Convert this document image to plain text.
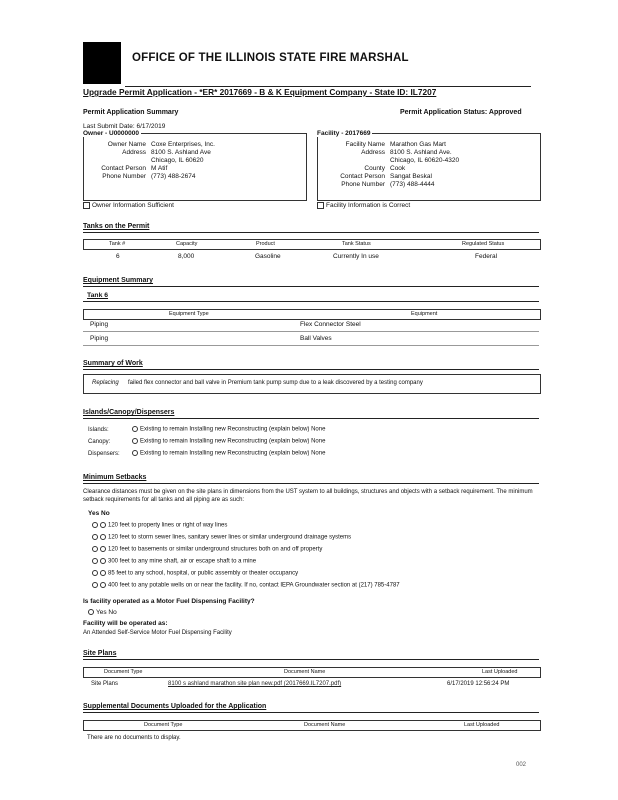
OFFICE OF THE ILLINOIS STATE FIRE MARSHAL
Upgrade Permit Application - *ER* 2017669 - B & K Equipment Company - State ID: IL7207
Permit Application Summary	Permit Application Status: Approved
Last Submit Date: 6/17/2019
Owner - U0000000
Owner Name Coxe Enterprises, Inc.
Address 8100 S. Ashland Ave
Chicago, IL 60620
Contact Person M Atif
Phone Number (773) 488-2674
Owner Information Sufficient
Facility - 2017669
Facility Name Marathon Gas Mart
Address 8100 S. Ashland Ave.
Chicago, IL 60620-4320
County Cook
Contact Person Sangat Beskal
Phone Number (773) 488-4444
Facility Information is Correct
Tanks on the Permit
Tank #	Capacity	Product	Tank Status	Regulated Status
6	8,000	Gasoline	Currently In use	Federal
Equipment Summary
Tank 6
Equipment Type	Equipment
Piping	Flex Connector Steel
Piping	Ball Valves
Summary of Work
Replacing failed flex connector and ball valve in Premium tank pump sump due to a leak discovered by a testing company
Islands/Canopy/Dispensers
Islands:	Existing to remain Installing new Reconstructing (explain below) None
Canopy:	Existing to remain Installing new Reconstructing (explain below) None
Dispensers:	Existing to remain Installing new Reconstructing (explain below) None
Minimum Setbacks
Clearance distances must be given on the site plans in dimensions from the UST system to all buildings, structures and objects with a setback requirement. The minimum setback requirements for all tanks and all piping are as such:
Yes No
120 feet to property lines or right of way lines
120 feet to storm sewer lines, sanitary sewer lines or similar underground drainage systems
120 feet to basements or similar underground structures both on and off property
300 feet to any mine shaft, air or escape shaft to a mine
85 feet to any school, hospital, or public assembly or theater occupancy
400 feet to any potable wells on or near the facility. If no, contact IEPA Groundwater section at (217) 785-4787
Is facility operated as a Motor Fuel Dispensing Facility?
Yes No
Facility will be operated as:
An Attended Self-Service Motor Fuel Dispensing Facility
Site Plans
Document Type	Document Name	Last Uploaded
Site Plans	8100 s ashland marathon site plan new.pdf (2017669.IL7207.pdf)	6/17/2019 12:56:24 PM
Supplemental Documents Uploaded for the Application
Document Type	Document Name	Last Uploaded
There are no documents to display.
002
